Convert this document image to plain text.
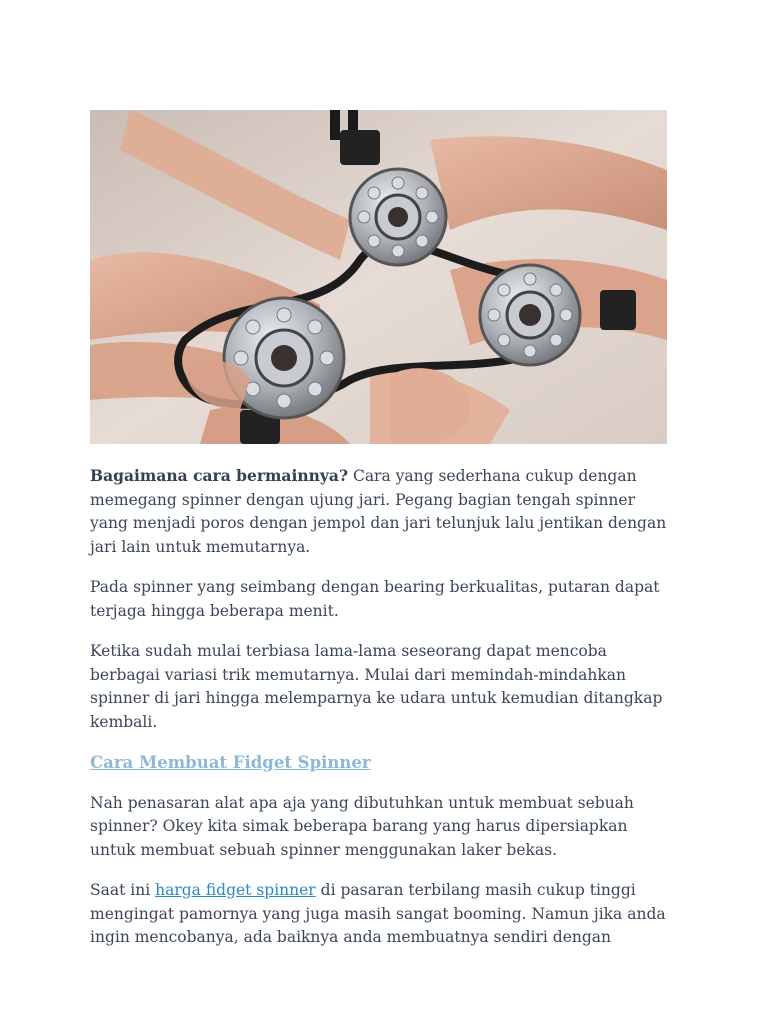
Bagaimana cara bermainnya? Cara yang sederhana cukup dengan memegang spinner dengan ujung jari. Pegang bagian tengah spinner yang menjadi poros dengan jempol dan jari telunjuk lalu jentikan dengan jari lain untuk memutarnya.

Pada spinner yang seimbang dengan bearing berkualitas, putaran dapat terjaga hingga beberapa menit.

Ketika sudah mulai terbiasa lama-lama seseorang dapat mencoba berbagai variasi trik memutarnya. Mulai dari memindah-mindahkan spinner di jari hingga melemparnya ke udara untuk kemudian ditangkap kembali.

Cara Membuat Fidget Spinner

Nah penasaran alat apa aja yang dibutuhkan untuk membuat sebuah spinner? Okey kita simak beberapa barang yang harus dipersiapkan untuk membuat sebuah spinner menggunakan laker bekas.

Saat ini harga fidget spinner di pasaran terbilang masih cukup tinggi mengingat pamornya yang juga masih sangat booming. Namun jika anda ingin mencobanya, ada baiknya anda membuatnya sendiri dengan
